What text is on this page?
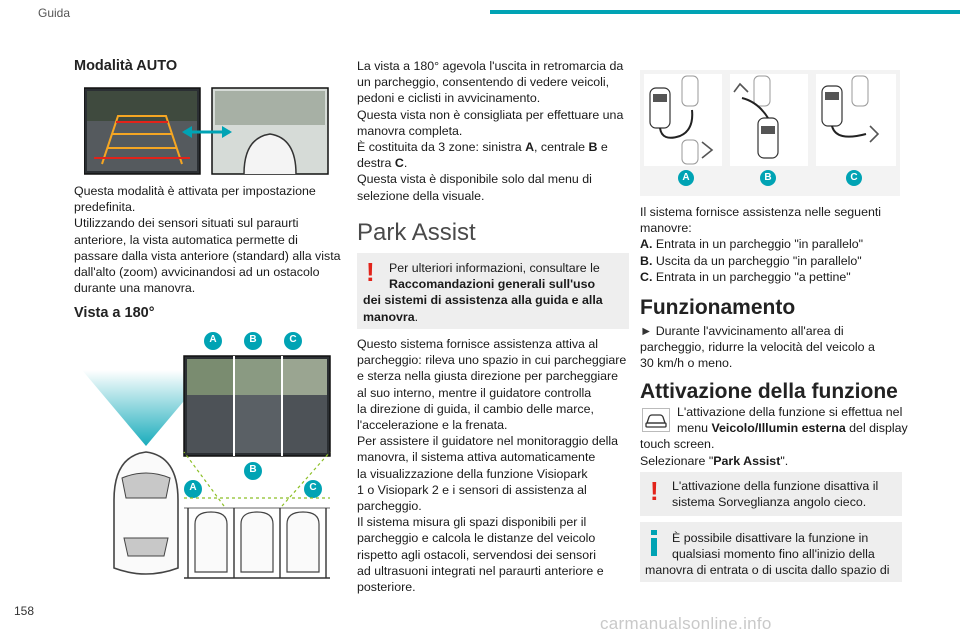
Guida
158
carmanualsonline.info
Modalità AUTO
Questa modalità è attivata per impostazione
predefinita.
Utilizzando dei sensori situati sul paraurti
anteriore, la vista automatica permette di
passare dalla vista anteriore (standard) alla vista
dall'alto (zoom) avvicinandosi ad un ostacolo
durante una manovra.
Vista a 180°
A	B	C
B
A	C
La vista a 180° agevola l'uscita in retromarcia da
un parcheggio, consentendo di vedere veicoli,
pedoni e ciclisti in avvicinamento.
Questa vista non è consigliata per effettuare una
manovra completa.
È costituita da 3 zone: sinistra A, centrale B e
destra C.
Questa vista è disponibile solo dal menu di
selezione della visuale.
Park Assist
!	Per ulteriori informazioni, consultare le
Raccomandazioni generali sull'uso
dei sistemi di assistenza alla guida e alla
manovra.
Questo sistema fornisce assistenza attiva al
parcheggio: rileva uno spazio in cui parcheggiare
e sterza nella giusta direzione per parcheggiare
al suo interno, mentre il guidatore controlla
la direzione di guida, il cambio delle marce,
l'accelerazione e la frenata.
Per assistere il guidatore nel monitoraggio della
manovra, il sistema attiva automaticamente
la visualizzazione della funzione Visiopark
1 o Visiopark 2 e i sensori di assistenza al
parcheggio.
Il sistema misura gli spazi disponibili per il
parcheggio e calcola le distanze del veicolo
rispetto agli ostacoli, servendosi dei sensori
ad ultrasuoni integrati nel paraurti anteriore e
posteriore.
A	B	C
Il sistema fornisce assistenza nelle seguenti
manovre:
A. Entrata in un parcheggio "in parallelo"
B. Uscita da un parcheggio "in parallelo"
C. Entrata in un parcheggio "a pettine"
Funzionamento
► Durante l'avvicinamento all'area di
parcheggio, ridurre la velocità del veicolo a
30 km/h o meno.
Attivazione della funzione
L'attivazione della funzione si effettua nel
menu Veicolo/Illumin esterna del display
touch screen.
Selezionare "Park Assist".
! L'attivazione della funzione disattiva il
sistema Sorveglianza angolo cieco.
È possibile disattivare la funzione in
qualsiasi momento fino all'inizio della
manovra di entrata o di uscita dallo spazio di
